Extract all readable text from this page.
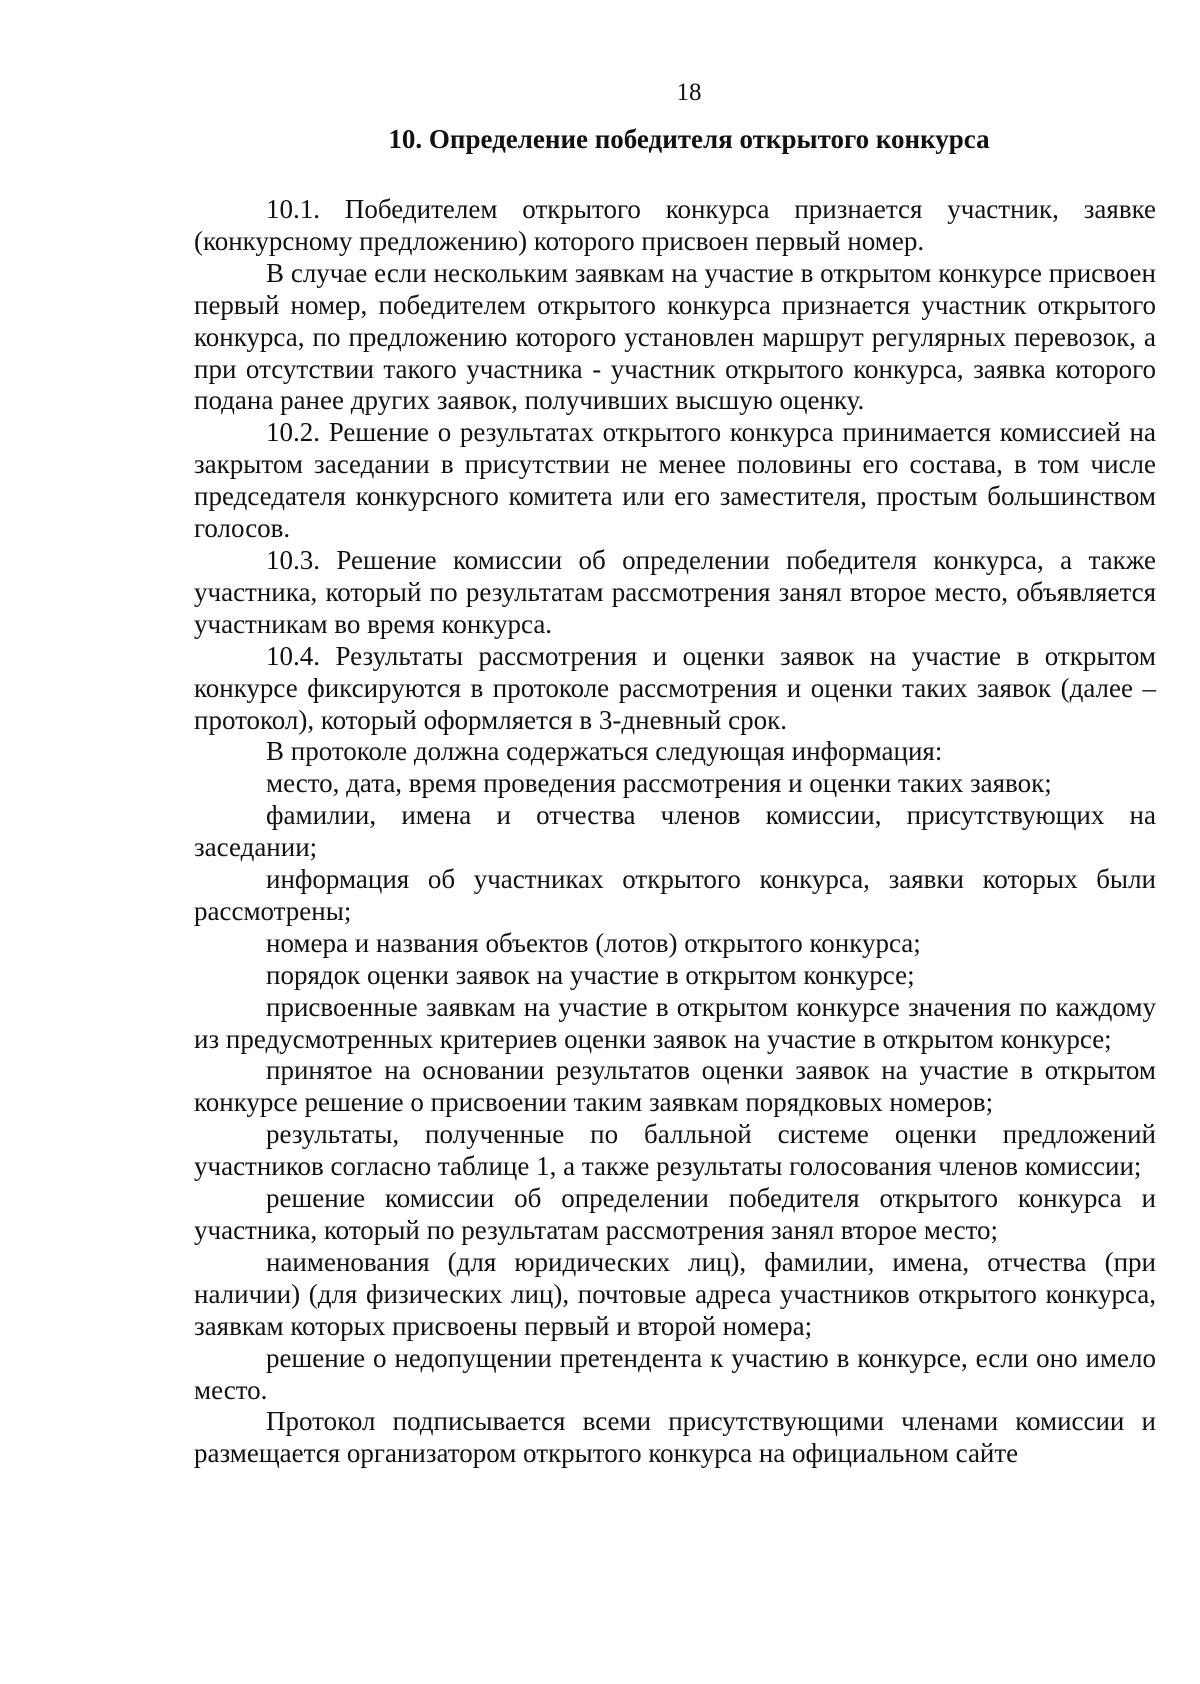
18
10. Определение победителя открытого конкурса

10.1. Победителем открытого конкурса признается участник, заявке (конкурсному предложению) которого присвоен первый номер.

В случае если нескольким заявкам на участие в открытом конкурсе присвоен первый номер, победителем открытого конкурса признается участник открытого конкурса, по предложению которого установлен маршрут регулярных перевозок, а при отсутствии такого участника - участник открытого конкурса, заявка которого подана ранее других заявок, получивших высшую оценку.

10.2. Решение о результатах открытого конкурса принимается комиссией на закрытом заседании в присутствии не менее половины его состава, в том числе председателя конкурсного комитета или его заместителя, простым большинством голосов.

10.3. Решение комиссии об определении победителя конкурса, а также участника, который по результатам рассмотрения занял второе место, объявляется участникам во время конкурса.

10.4. Результаты рассмотрения и оценки заявок на участие в открытом конкурсе фиксируются в протоколе рассмотрения и оценки таких заявок (далее – протокол), который оформляется в 3-дневный срок.

В протоколе должна содержаться следующая информация:

место, дата, время проведения рассмотрения и оценки таких заявок;

фамилии, имена и отчества членов комиссии, присутствующих на заседании;

информация об участниках открытого конкурса, заявки которых были рассмотрены;

номера и названия объектов (лотов) открытого конкурса;

порядок оценки заявок на участие в открытом конкурсе;

присвоенные заявкам на участие в открытом конкурсе значения по каждому из предусмотренных критериев оценки заявок на участие в открытом конкурсе;

принятое на основании результатов оценки заявок на участие в открытом конкурсе решение о присвоении таким заявкам порядковых номеров;

результаты, полученные по балльной системе оценки предложений участников согласно таблице 1, а также результаты голосования членов комиссии;

решение комиссии об определении победителя открытого конкурса и участника, который по результатам рассмотрения занял второе место;

наименования (для юридических лиц), фамилии, имена, отчества (при наличии) (для физических лиц), почтовые адреса участников открытого конкурса, заявкам которых присвоены первый и второй номера;

решение о недопущении претендента к участию в конкурсе, если оно имело место.

Протокол подписывается всеми присутствующими членами комиссии и размещается организатором открытого конкурса на официальном сайте
